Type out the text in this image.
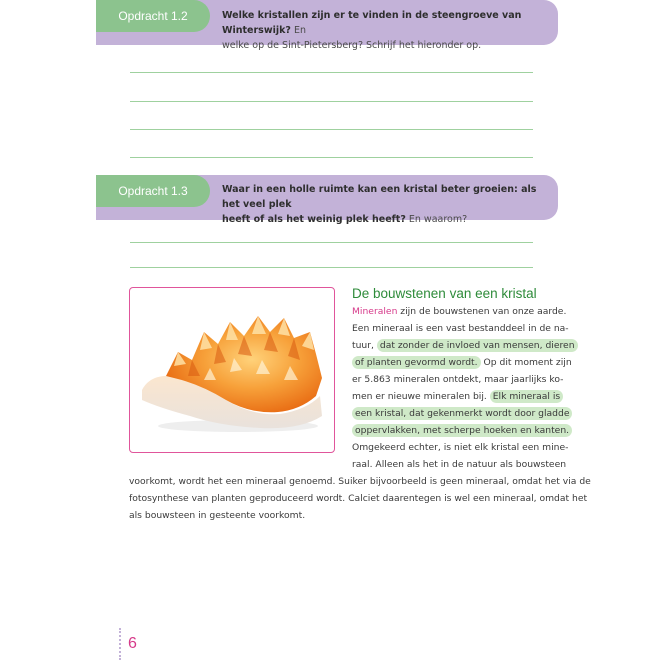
Opdracht 1.2	Welke kristallen zijn er te vinden in de steengroeve van Winterswijk? En
welke op de Sint-Pietersberg? Schrijf het hieronder op.
Opdracht 1.3	Waar in een holle ruimte kan een kristal beter groeien: als het veel plek
heeft of als het weinig plek heeft? En waarom?
De bouwstenen van een kristal
Mineralen zijn de bouwstenen van onze aarde.
Een mineraal is een vast bestanddeel in de na-
tuur, dat zonder de invloed van mensen, dieren
of planten gevormd wordt. Op dit moment zijn
er 5.863 mineralen ontdekt, maar jaarlijks ko-
men er nieuwe mineralen bij. Elk mineraal is
een kristal, dat gekenmerkt wordt door gladde
oppervlakken, met scherpe hoeken en kanten.
Omgekeerd echter, is niet elk kristal een mine-
raal. Alleen als het in de natuur als bouwsteen
voorkomt, wordt het een mineraal genoemd. Suiker bijvoorbeeld is geen mineraal, omdat het via de
fotosynthese van planten geproduceerd wordt. Calciet daarentegen is wel een mineraal, omdat het
als bouwsteen in gesteente voorkomt.
6
